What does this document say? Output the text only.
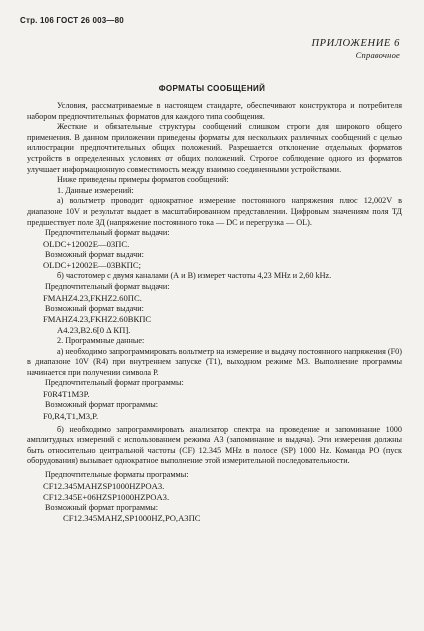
Стр. 106 ГОСТ 26 003—80
ПРИЛОЖЕНИЕ 6
Справочное
ФОРМАТЫ СООБЩЕНИЙ

Условия, рассматриваемые в настоящем стандарте, обеспечивают конструктора и потребителя набором предпочтительных форматов для каждого типа сообщения.

Жесткие и обязательные структуры сообщений слишком строги для широкого общего применения. В данном приложении приведены форматы для нескольких различных сообщений с целью иллюстрации предпочтительных общих положений. Разрешается отклонение отдельных форматов устройств в определенных условиях от общих положений. Строгое соблюдение одного из форматов улучшает информационную совместимость между взаимно соединенными устройствами.

Ниже приведены примеры форматов сообщений:

1. Данные измерений:

а) вольтметр проводит однократное измерение постоянного напряжения плюс 12,002V в диапазоне 10V и результат выдает в масштабированном представлении. Цифровым значениям поля ТД предшествует поле ЗД (напряжение постоянного тока — DC и перегрузка — OL).

Предпочтительный формат выдачи:

OLDC+12002E—03ПС.

Возможный формат выдачи:

OLDC+12002E—03ВКПС;

б) частотомер с двумя каналами (А и В) измерет частоты 4,23 MHz и 2,60 kHz.

Предпочтительный формат выдачи:

FMAHZ4.23,FKHZ2.60ПС.

Возможный формат выдачи:

FMAHZ4.23,FKHZ2.60ВКПС

A4.23,B2.6[0 Δ КП].

2. Программные данные:

а) необходимо запрограммировать вольтметр на измерение и выдачу постоянного напряжения (F0) в диапазоне 10V (R4) при внутреннем запуске (T1), выходном режиме М3. Выполнение программы начинается при получении символа Р.

Предпочтительный формат программы:

F0R4T1M3P.

Возможный формат программы:

F0,R4,T1,M3,P.

б) необходимо запрограммировать анализатор спектра на проведение и запоминание 1000 амплитудных измерений с использованием режима А3 (запоминание и выдача). Эти измерения должны быть относительно центральной частоты (CF) 12.345 MHz в полосе (SP) 1000 Hz. Команда РО (пуск оборудования) вызывает однократное выполнение этой измерительной последовательности.

Предпочтительные форматы программы:

CF12.345MAHZSP1000HZPOA3.

CF12.345E+06HZSP1000HZPOA3.

Возможный формат программы:

CF12.345MAHZ,SP1000HZ,PO,A3ПС
